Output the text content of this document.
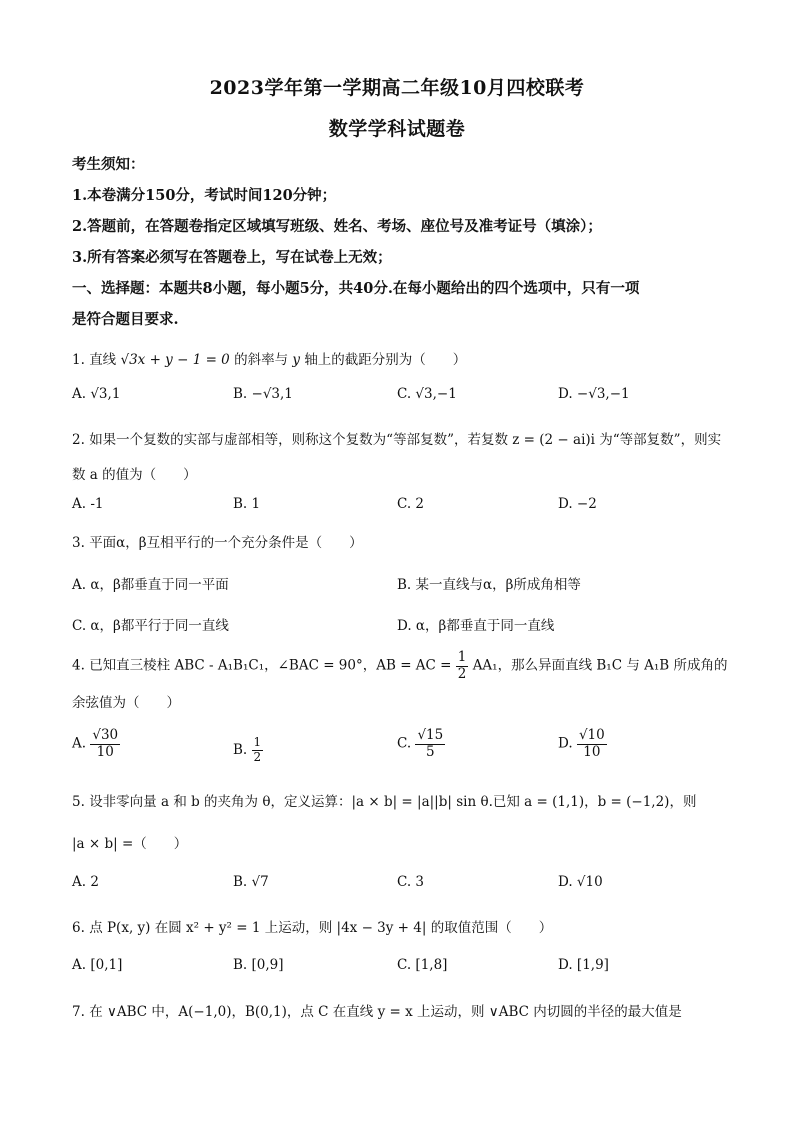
2023学年第一学期高二年级10月四校联考
数学学科试题卷
考生须知：
1.本卷满分150分，考试时间120分钟；
2.答题前，在答题卷指定区域填写班级、姓名、考场、座位号及准考证号（填涂）；
3.所有答案必须写在答题卷上，写在试卷上无效；
一、选择题：本题共8小题，每小题5分，共40分.在每小题给出的四个选项中，只有一项
是符合题目要求.
1. 直线 √3x + y − 1 = 0 的斜率与 y 轴上的截距分别为（　　）
A. √3,1	B. −√3,1	C. √3,−1	D. −√3,−1
2. 如果一个复数的实部与虚部相等，则称这个复数为“等部复数”，若复数 z = (2 − ai)i 为“等部复数”，则实
数 a 的值为（　　）
A. -1	B. 1	C. 2	D. −2
3. 平面α，β互相平行的一个充分条件是（　　）
A. α，β都垂直于同一平面	B. 某一直线与α，β所成角相等
C. α，β都平行于同一直线	D. α，β都垂直于同一直线
4. 已知直三棱柱 ABC - A₁B₁C₁，∠BAC = 90°，AB = AC = $\frac{1}{2} AA_1$，那么异面直线 B₁C 与 A₁B 所成角的
余弦值为（　　）
A. $\frac{√30}{10}$	B. $\frac{1}{2}$	C. $\frac{√15}{5}$	D. $\frac{√10}{10}$
5. 设非零向量 a 和 b 的夹角为 θ，定义运算：|a × b| = |a||b| sin θ.已知 a = (1,1)，b = (−1,2)，则
|a × b| =（　　）
A. 2	B. √7	C. 3	D. √10
6. 点 P(x, y) 在圆 x² + y² = 1 上运动，则 |4x − 3y + 4| 的取值范围（　　）
A. [0,1]	B. [0,9]	C. [1,8]	D. [1,9]
7. 在 ∨ABC 中，A(−1,0)，B(0,1)，点 C 在直线 y = x 上运动，则 ∨ABC 内切圆的半径的最大值是
